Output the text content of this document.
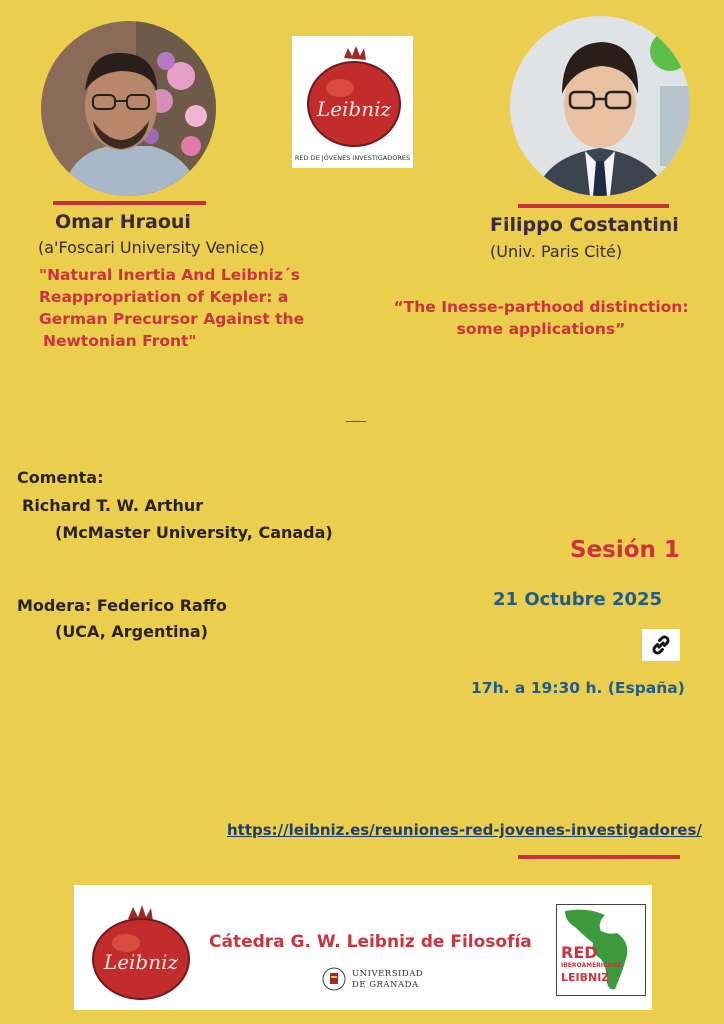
Leibniz
RED DE JÓVENES INVESTIGADORES
Omar Hraoui
(a'Foscari University Venice)
"Natural Inertia And Leibniz´s
Reappropriation of Kepler: a
German Precursor Against the
Newtonian Front"
Filippo Costantini
(Univ. Paris Cité)
“The Inesse-parthood distinction:
some applications”
Comenta:
Richard T. W. Arthur
(McMaster University, Canada)
Modera: Federico Raffo
(UCA, Argentina)
Sesión 1
21 Octubre 2025
17h. a 19:30 h. (España)
https://leibniz.es/reuniones-red-jovenes-investigadores/
Leibniz
Cátedra G. W. Leibniz de Filosofía
UNIVERSIDAD
DE GRANADA
RED
IBEROAMERICANA
LEIBNIZ
